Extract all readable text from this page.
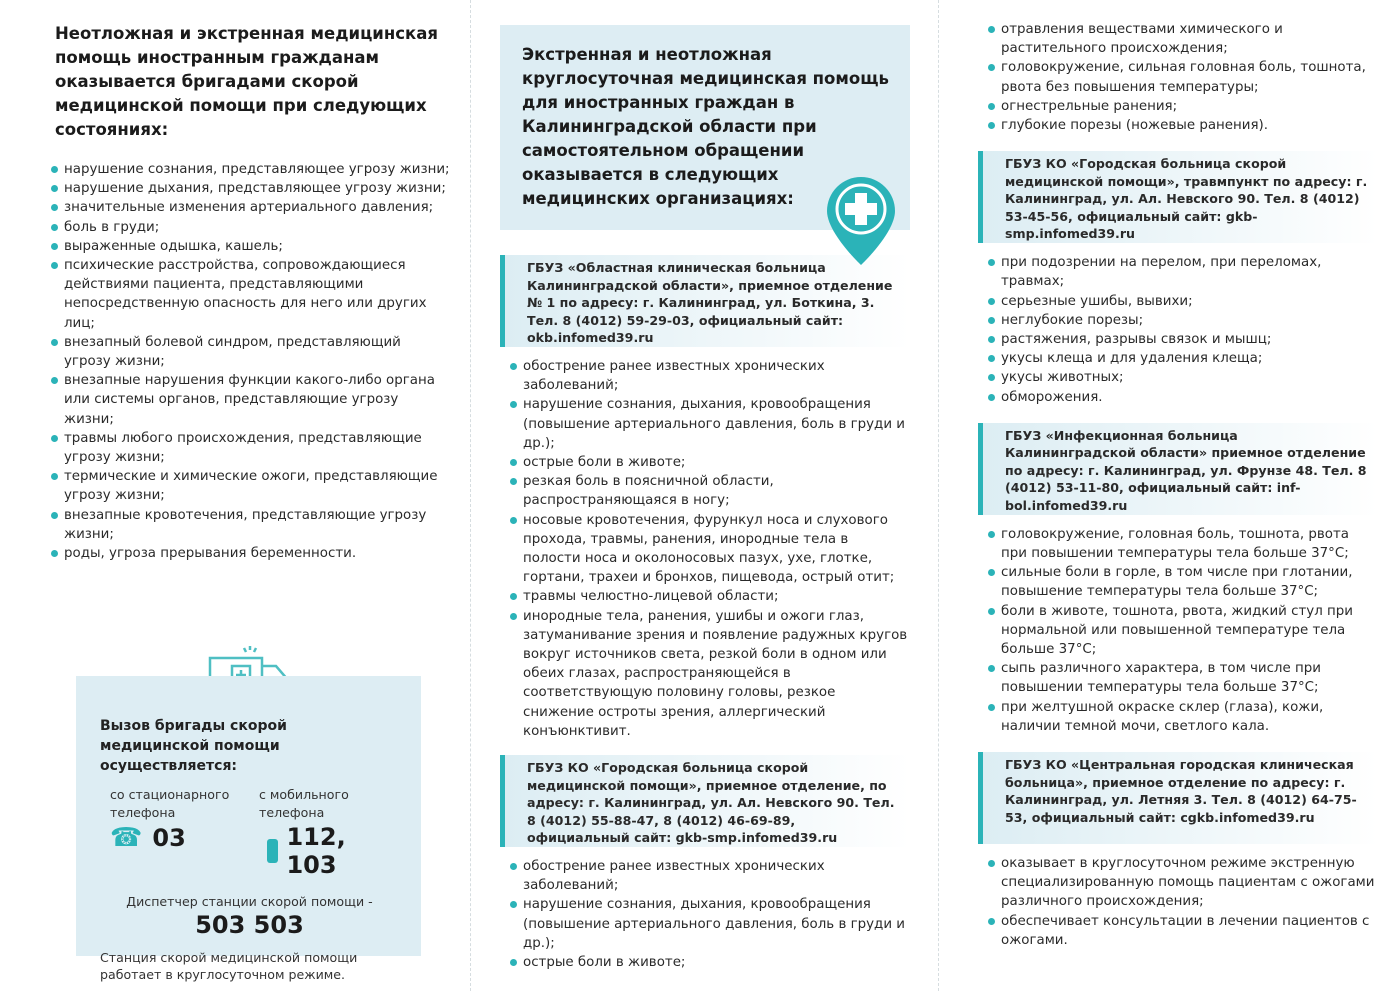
Неотложная и экстренная медицинская помощь иностранным гражданам оказывается бригадами скорой медицинской помощи при следующих состояниях:
нарушение сознания, представляющее угрозу жизни;
нарушение дыхания, представляющее угрозу жизни;
значительные изменения артериального давления;
боль в груди;
выраженные одышка, кашель;
психические расстройства, сопровождающиеся действиями пациента, представляющими непосредственную опасность для него или других лиц;
внезапный болевой синдром, представляющий угрозу жизни;
внезапные нарушения функции какого-либо органа или системы органов, представляющие угрозу жизни;
травмы любого происхождения, представляющие угрозу жизни;
термические и химические ожоги, представляющие угрозу жизни;
внезапные кровотечения, представляющие угрозу жизни;
роды, угроза прерывания беременности.
Вызов бригады скорой медицинской помощи осуществляется:
со стационарного телефона
☎ 03
с мобильного телефона
112, 103
Диспетчер станции скорой помощи -
503 503
Станция скорой медицинской помощи работает в круглосуточном режиме.
Экстренная и неотложная круглосуточная медицинская помощь для иностранных граждан в Калининградской области при самостоятельном обращении оказывается в следующих медицинских организациях:
ГБУЗ «Областная клиническая больница Калининградской области», приемное отделение № 1 по адресу: г. Калининград, ул. Боткина, 3. Тел. 8 (4012) 59-29-03, официальный сайт: okb.infomed39.ru
обострение ранее известных хронических заболеваний;
нарушение сознания, дыхания, кровообращения (повышение артериального давления, боль в груди и др.);
острые боли в животе;
резкая боль в поясничной области, распространяющаяся в ногу;
носовые кровотечения, фурункул носа и слухового прохода, травмы, ранения, инородные тела в полости носа и околоносовых пазух, ухе, глотке, гортани, трахеи и бронхов, пищевода, острый отит;
травмы челюстно-лицевой области;
инородные тела, ранения, ушибы и ожоги глаз, затуманивание зрения и появление радужных кругов вокруг источников света, резкой боли в одном или обеих глазах, распространяющейся в соответствующую половину головы, резкое снижение остроты зрения, аллергический конъюнктивит.
ГБУЗ КО «Городская больница скорой медицинской помощи», приемное отделение, по адресу: г. Калининград, ул. Ал. Невского 90. Тел. 8 (4012) 55-88-47, 8 (4012) 46-69-89, официальный сайт: gkb-smp.infomed39.ru
обострение ранее известных хронических заболеваний;
нарушение сознания, дыхания, кровообращения (повышение артериального давления, боль в груди и др.);
острые боли в животе;
отравления веществами химического и растительного происхождения;
головокружение, сильная головная боль, тошнота, рвота без повышения температуры;
огнестрельные ранения;
глубокие порезы (ножевые ранения).
ГБУЗ КО «Городская больница скорой медицинской помощи», травмпункт по адресу: г. Калининград, ул. Ал. Невского 90. Тел. 8 (4012) 53-45-56, официальный сайт: gkb-smp.infomed39.ru
при подозрении на перелом, при переломах, травмах;
серьезные ушибы, вывихи;
неглубокие порезы;
растяжения, разрывы связок и мышц;
укусы клеща и для удаления клеща;
укусы животных;
обморожения.
ГБУЗ «Инфекционная больница Калининградской области» приемное отделение по адресу: г. Калининград, ул. Фрунзе 48. Тел. 8 (4012) 53-11-80, официальный сайт: inf-bol.infomed39.ru
головокружение, головная боль, тошнота, рвота при повышении температуры тела больше 37°С;
сильные боли в горле, в том числе при глотании, повышение температуры тела больше 37°С;
боли в животе, тошнота, рвота, жидкий стул при нормальной или повышенной температуре тела больше 37°С;
сыпь различного характера, в том числе при повышении температуры тела больше 37°С;
при желтушной окраске склер (глаза), кожи, наличии темной мочи, светлого кала.
ГБУЗ КО «Центральная городская клиническая больница», приемное отделение по адресу: г. Калининград, ул. Летняя 3. Тел. 8 (4012) 64-75-53, официальный сайт: cgkb.infomed39.ru
оказывает в круглосуточном режиме экстренную специализированную помощь пациентам с ожогами различного происхождения;
обеспечивает консультации в лечении пациентов с ожогами.
